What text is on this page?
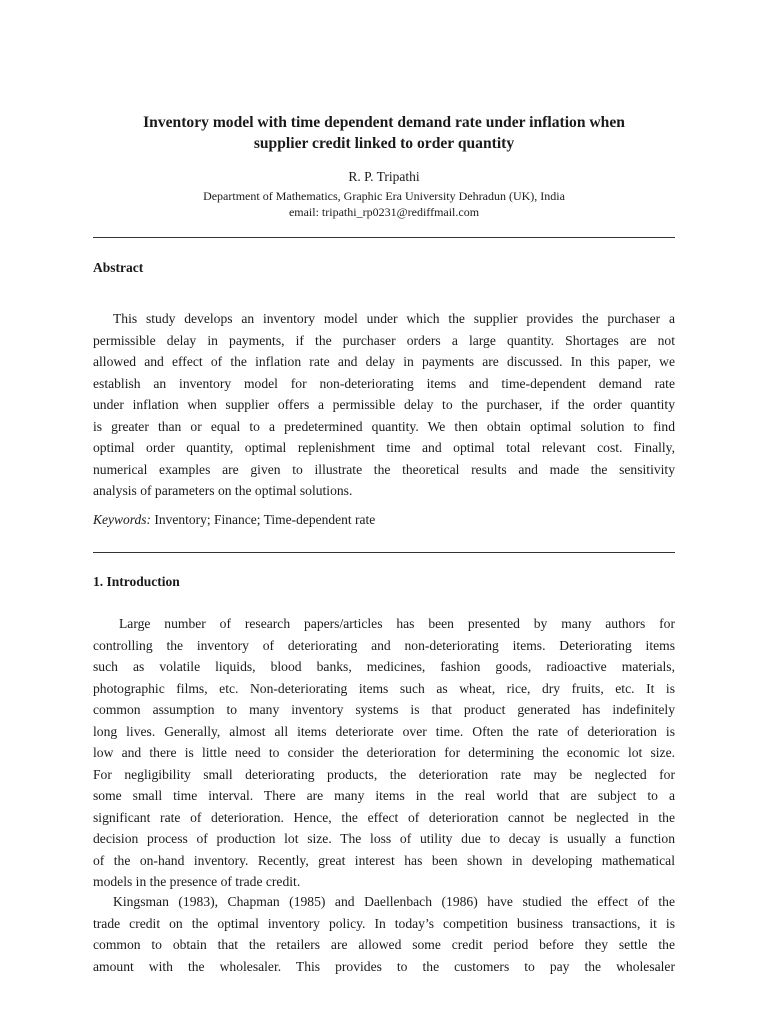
Inventory model with time dependent demand rate under inflation when
supplier credit linked to order quantity
R. P. Tripathi
Department of Mathematics, Graphic Era University Dehradun (UK), India
email: tripathi_rp0231@rediffmail.com
Abstract
This study develops an inventory model under which the supplier provides the purchaser a
permissible delay in payments, if the purchaser orders a large quantity. Shortages are not
allowed and effect of the inflation rate and delay in payments are discussed. In this paper, we
establish an inventory model for non-deteriorating items and time-dependent demand rate
under inflation when supplier offers a permissible delay to the purchaser, if the order quantity
is greater than or equal to a predetermined quantity. We then obtain optimal solution to find
optimal order quantity, optimal replenishment time and optimal total relevant cost. Finally,
numerical examples are given to illustrate the theoretical results and made the sensitivity
analysis of parameters on the optimal solutions.
Keywords: Inventory; Finance; Time-dependent rate
1. Introduction
Large number of research papers/articles has been presented by many authors for
controlling the inventory of deteriorating and non-deteriorating items. Deteriorating items
such as volatile liquids, blood banks, medicines, fashion goods, radioactive materials,
photographic films, etc. Non-deteriorating items such as wheat, rice, dry fruits, etc. It is
common assumption to many inventory systems is that product generated has indefinitely
long lives. Generally, almost all items deteriorate over time. Often the rate of deterioration is
low and there is little need to consider the deterioration for determining the economic lot size.
For negligibility small deteriorating products, the deterioration rate may be neglected for
some small time interval. There are many items in the real world that are subject to a
significant rate of deterioration. Hence, the effect of deterioration cannot be neglected in the
decision process of production lot size. The loss of utility due to decay is usually a function
of the on-hand inventory. Recently, great interest has been shown in developing mathematical
models in the presence of trade credit.
Kingsman (1983), Chapman (1985) and Daellenbach (1986) have studied the effect of the
trade credit on the optimal inventory policy. In today’s competition business transactions, it is
common to obtain that the retailers are allowed some credit period before they settle the
amount with the wholesaler. This provides to the customers to pay the wholesaler
